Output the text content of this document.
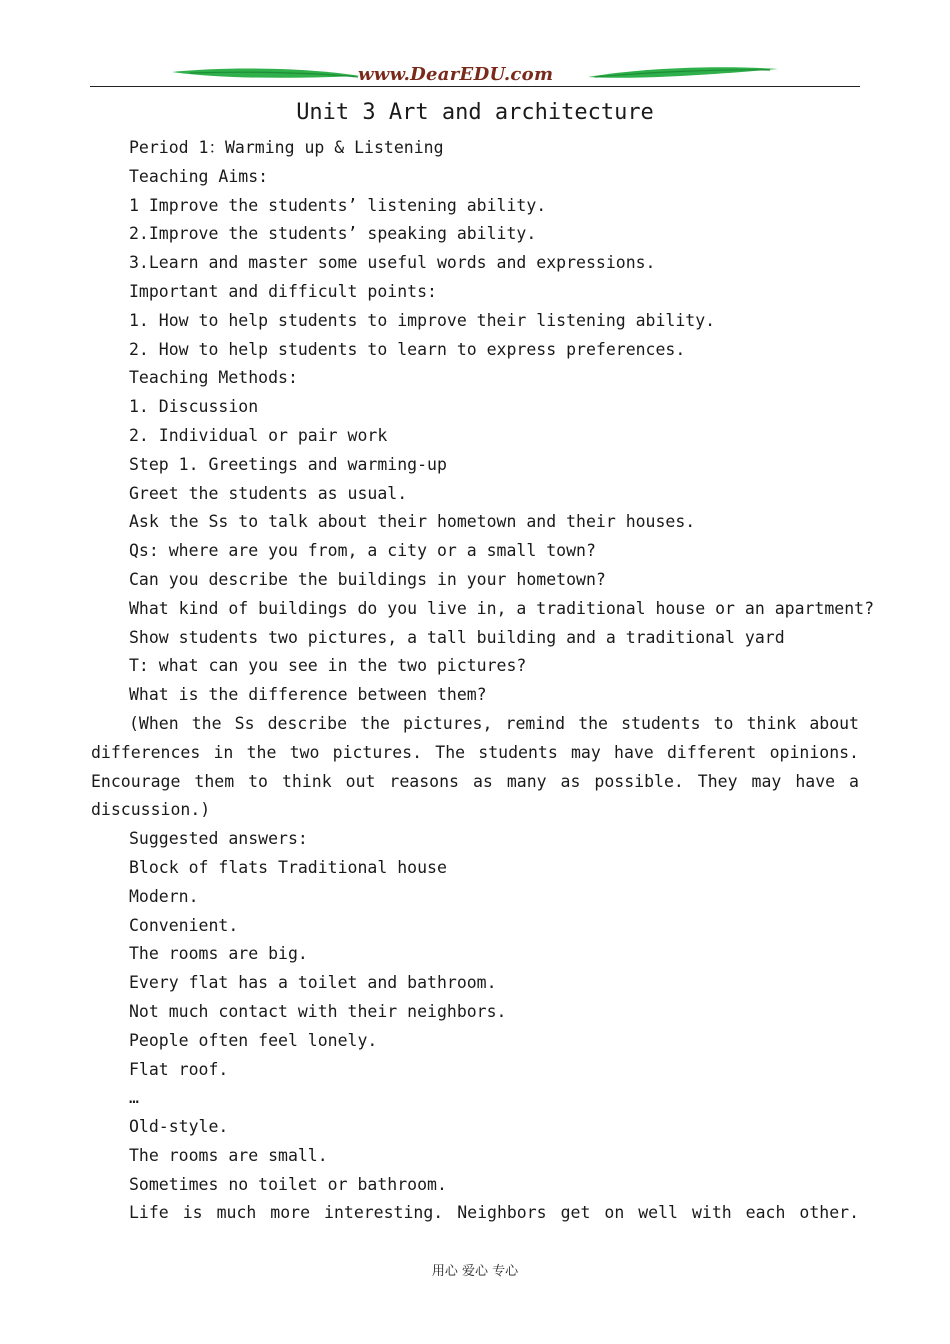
www.DearEDU.com
Unit 3 Art and architecture
Period 1：Warming up & Listening
Teaching Aims:
1 Improve the students’ listening ability.
2.Improve the students’ speaking ability.
3.Learn and master some useful words and expressions.
Important and difficult points:
1. How to help students to improve their listening ability.
2. How to help students to learn to express preferences.
Teaching Methods:
1. Discussion
2. Individual or pair work
Step 1. Greetings and warming-up
Greet the students as usual.
Ask the Ss to talk about their hometown and their houses.
Qs: where are you from, a city or a small town?
Can you describe the buildings in your hometown?
What kind of buildings do you live in, a traditional house or an apartment?
Show students two pictures, a tall building and a traditional yard
T: what can you see in the two pictures?
What is the difference between them?
(When the Ss describe the pictures, remind the students to think about
differences in the two pictures. The students may have different opinions.
Encourage them to think out reasons as many as possible. They may have a
discussion.)
Suggested answers:
Block of flats Traditional house
Modern.
Convenient.
The rooms are big.
Every flat has a toilet and bathroom.
Not much contact with their neighbors.
People often feel lonely.
Flat roof.
…
Old-style.
The rooms are small.
Sometimes no toilet or bathroom.
Life is much more interesting. Neighbors get on well with each other.
用心 爱心 专心
